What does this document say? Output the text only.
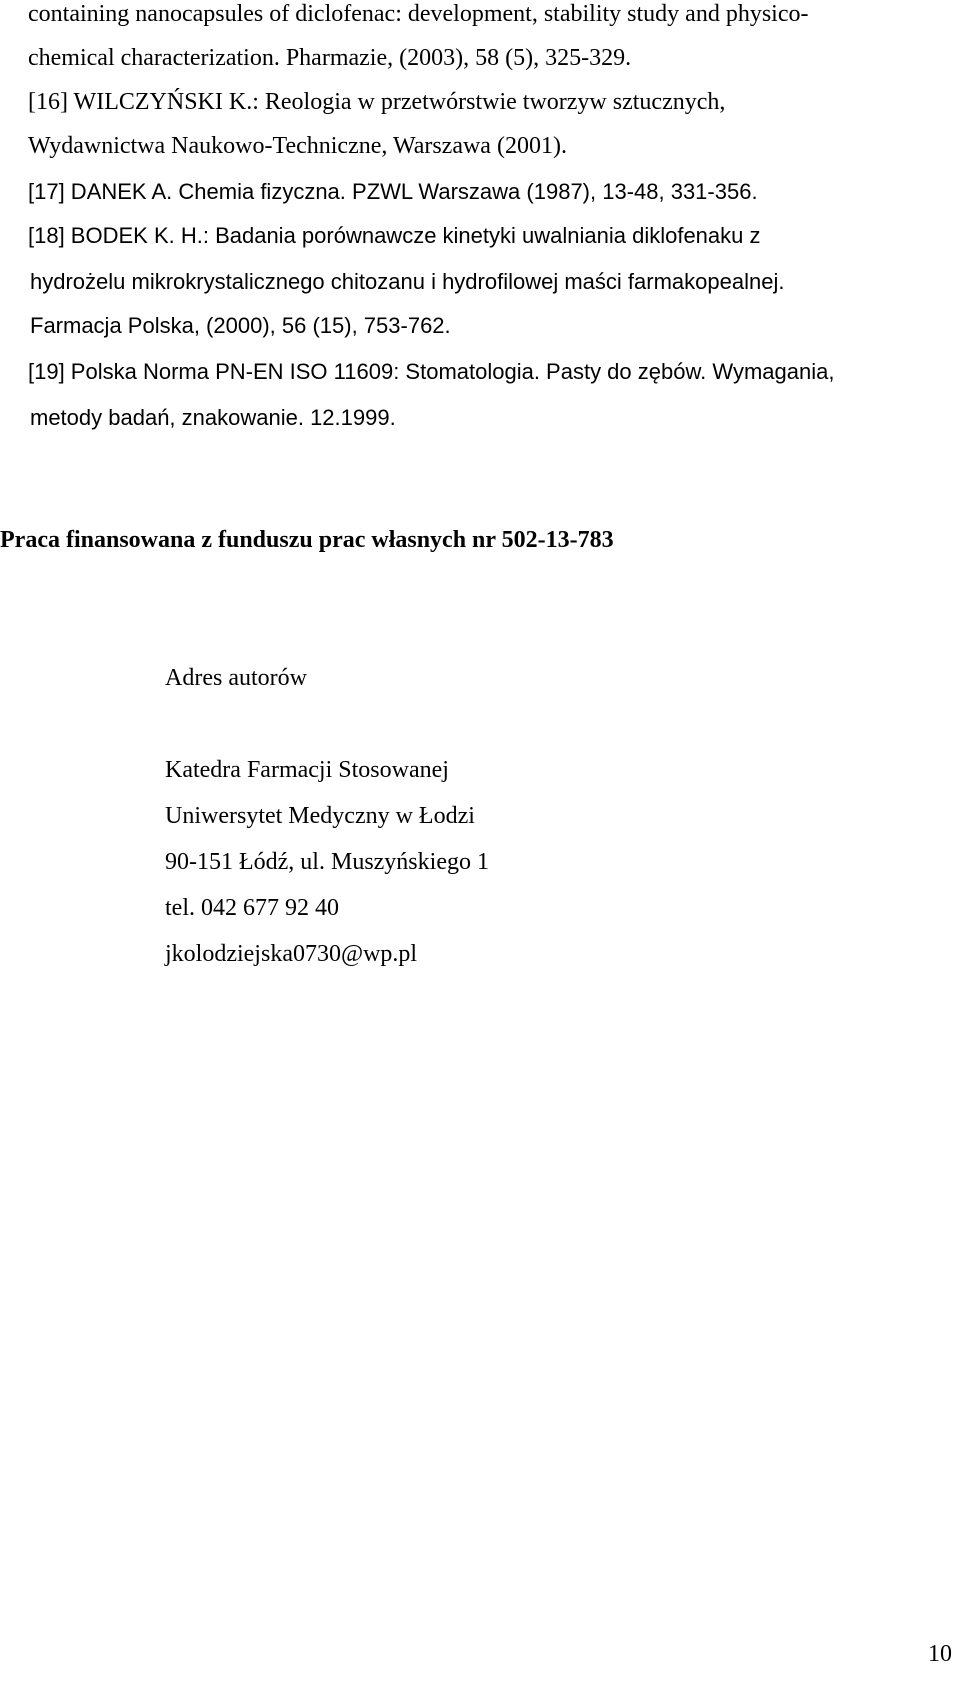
containing nanocapsules of diclofenac: development, stability study and physico-
chemical characterization. Pharmazie, (2003), 58 (5), 325-329.
[16] WILCZYŃSKI K.: Reologia w przetwórstwie tworzyw sztucznych,
Wydawnictwa Naukowo-Techniczne, Warszawa (2001).
[17] DANEK A. Chemia fizyczna. PZWL Warszawa (1987), 13-48, 331-356.
[18] BODEK K. H.: Badania porównawcze kinetyki uwalniania diklofenaku z
hydrożelu mikrokrystalicznego chitozanu i hydrofilowej maści farmakopealnej.
Farmacja Polska, (2000), 56 (15), 753-762.
[19] Polska Norma PN-EN ISO 11609: Stomatologia. Pasty do zębów. Wymagania,
metody badań, znakowanie. 12.1999.
Praca finansowana z funduszu prac własnych nr 502-13-783
Adres autorów
Katedra Farmacji Stosowanej
Uniwersytet Medyczny w Łodzi
90-151 Łódź, ul. Muszyńskiego 1
tel. 042 677 92 40
jkolodziejska0730@wp.pl
10
